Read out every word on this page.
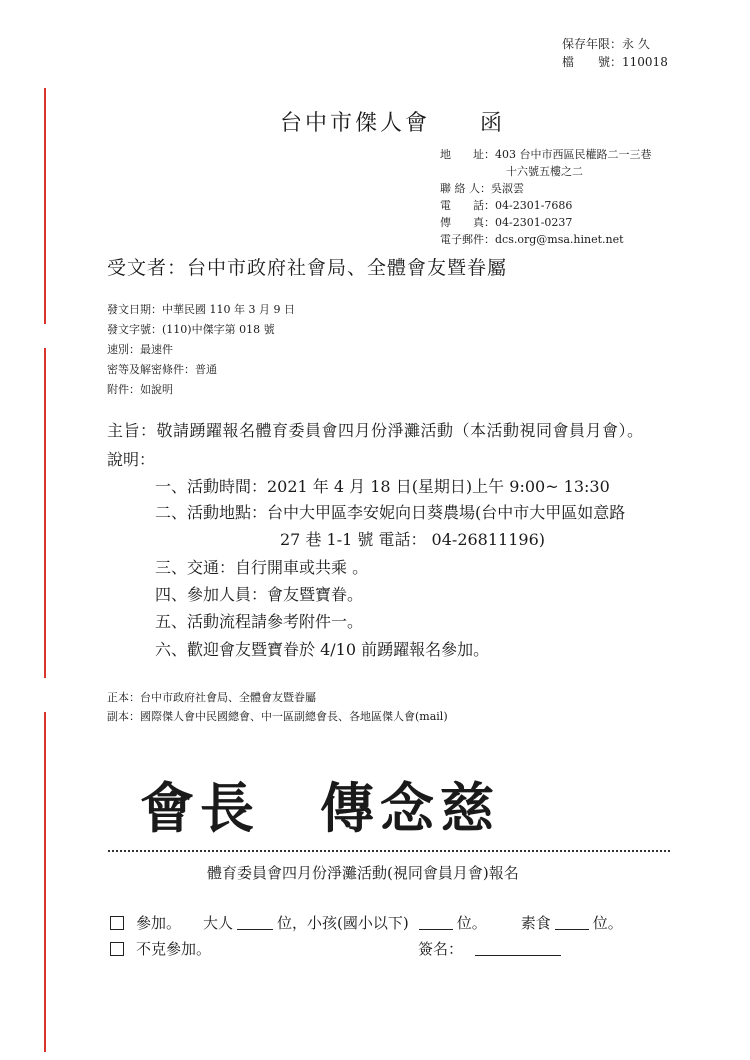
保存年限：永 久
檔　　號：110018
台中市傑人會　　函
地　　址：403 台中市西區民權路二一三巷
十六號五樓之二
聯 絡 人：吳淑雲
電　　話：04-2301-7686
傳　　真：04-2301-0237
電子郵件：dcs.org@msa.hinet.net
受文者：台中市政府社會局、全體會友暨眷屬
發文日期：中華民國 110 年 3 月 9 日
發文字號：(110)中傑字第 018 號
速別：最速件
密等及解密條件：普通
附件：如說明
主旨：敬請踴躍報名體育委員會四月份淨灘活動（本活動視同會員月會）。
說明：
一、活動時間：2021 年 4 月 18 日(星期日)上午 9:00~ 13:30
二、活動地點：台中大甲區李安妮向日葵農場(台中市大甲區如意路
27 巷 1-1 號 電話： 04-26811196)
三、交通：自行開車或共乘 。
四、參加人員：會友暨寶眷。
五、活動流程請參考附件一。
六、歡迎會友暨寶眷於 4/10 前踴躍報名參加。
正本：台中市政府社會局、全體會友暨眷屬
副本：國際傑人會中民國總會、中一區副總會長、各地區傑人會(mail)
會長　傳念慈
體育委員會四月份淨灘活動(視同會員月會)報名
參加。 大人	位，小孩(國小以下)	位。 素食	位。
不克參加。	簽名：
